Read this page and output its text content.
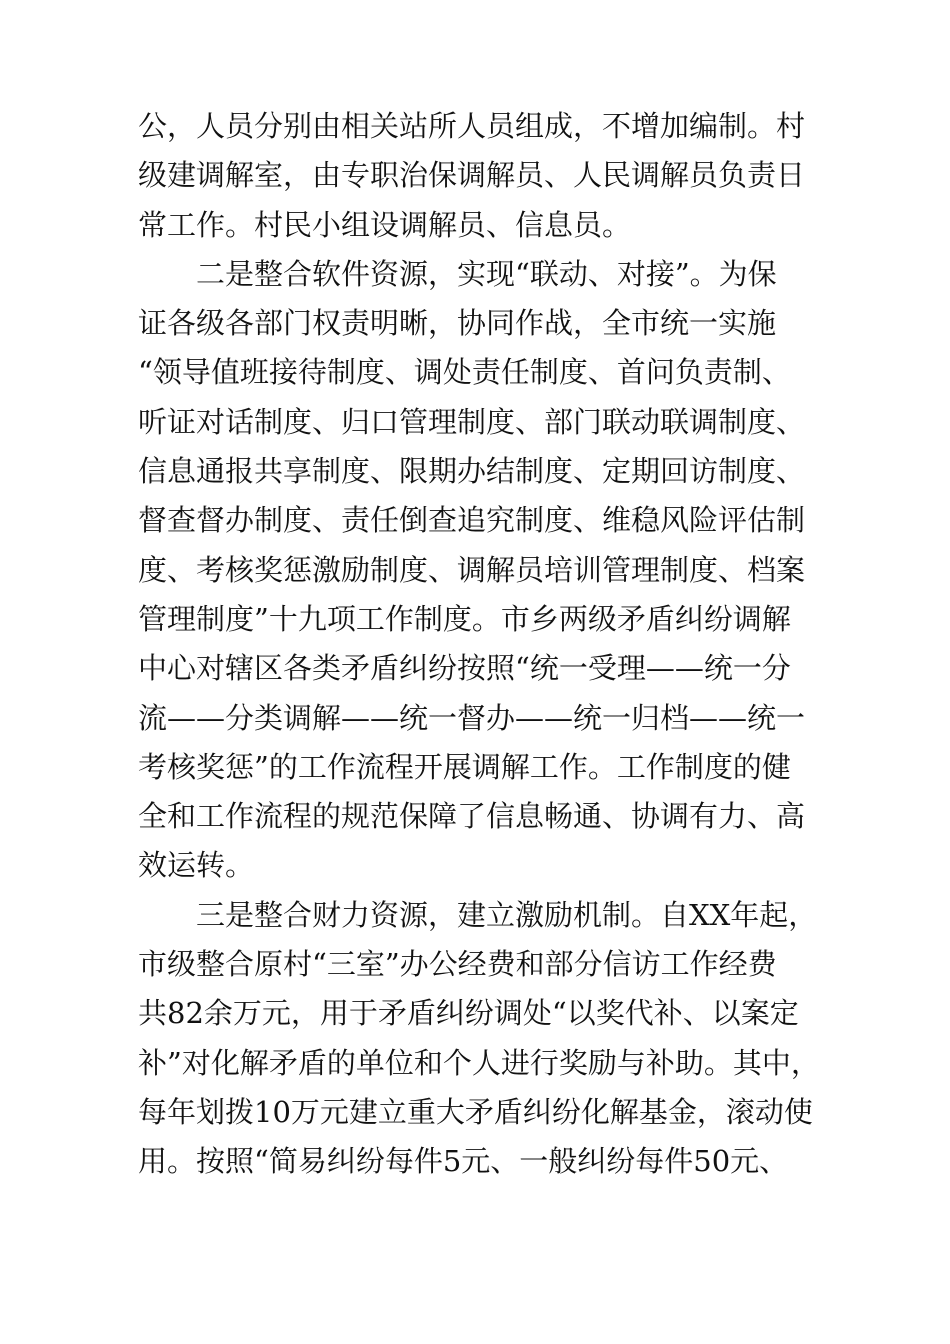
公，人员分别由相关站所人员组成，不增加编制。村
级建调解室，由专职治保调解员、人民调解员负责日
常工作。村民小组设调解员、信息员。
二是整合软件资源，实现“联动、对接”。为保
证各级各部门权责明晰，协同作战，全市统一实施
“领导值班接待制度、调处责任制度、首问负责制、
听证对话制度、归口管理制度、部门联动联调制度、
信息通报共享制度、限期办结制度、定期回访制度、
督查督办制度、责任倒查追究制度、维稳风险评估制
度、考核奖惩激励制度、调解员培训管理制度、档案
管理制度”十九项工作制度。市乡两级矛盾纠纷调解
中心对辖区各类矛盾纠纷按照“统一受理——统一分
流——分类调解——统一督办——统一归档——统一
考核奖惩”的工作流程开展调解工作。工作制度的健
全和工作流程的规范保障了信息畅通、协调有力、高
效运转。
三是整合财力资源，建立激励机制。自XX年起，
市级整合原村“三室”办公经费和部分信访工作经费
共82余万元，用于矛盾纠纷调处“以奖代补、以案定
补”对化解矛盾的单位和个人进行奖励与补助。其中，
每年划拨10万元建立重大矛盾纠纷化解基金，滚动使
用。按照“简易纠纷每件5元、一般纠纷每件50元、
